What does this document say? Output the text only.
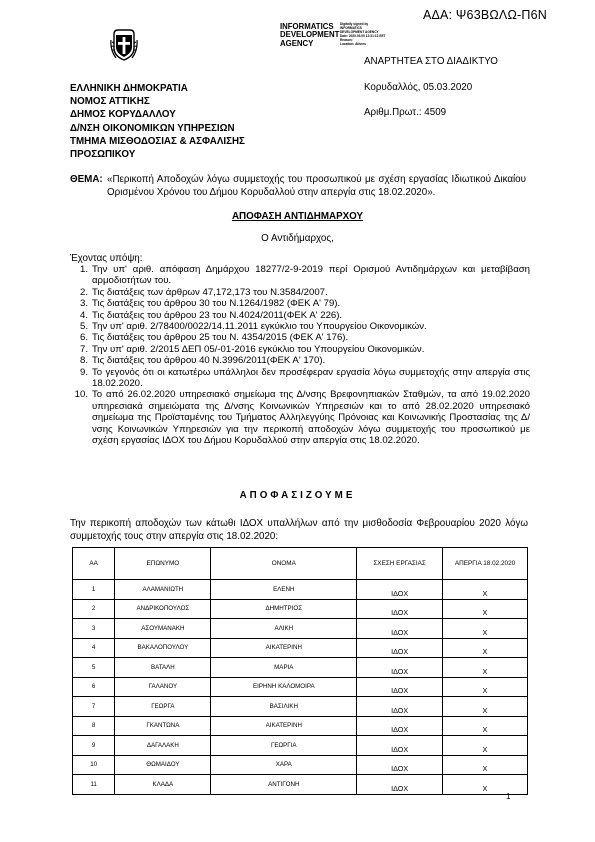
ΑΔΑ: Ψ63ΒΩΛΩ-Π6Ν
INFORMATICS
DEVELOPMENT
AGENCY
Digitally signed by
INFORMATICS
DEVELOPMENT AGENCY
Date: 2020.03.05 12:31:13 EET
Reason:
Location: Athens
ΑΝΑΡΤΗΤΕΑ ΣΤΟ ΔΙΑΔΙΚΤΥΟ
ΕΛΛΗΝΙΚΗ ΔΗΜΟΚΡΑΤΙΑ
ΝΟΜΟΣ ΑΤΤΙΚΗΣ
ΔΗΜΟΣ ΚΟΡΥΔΑΛΛΟΥ
Δ/ΝΣΗ ΟΙΚΟΝΟΜΙΚΩΝ ΥΠΗΡΕΣΙΩΝ
ΤΜΗΜΑ ΜΙΣΘΟΔΟΣΙΑΣ & ΑΣΦΑΛΙΣΗΣ
ΠΡΟΣΩΠΙΚΟΥ
Κορυδαλλός, 05.03.2020
Αριθμ.Πρωτ.: 4509
ΘΕΜΑ: «Περικοπή Αποδοχών λόγω συμμετοχής του προσωπικού με σχέση εργασίας Ιδιωτικού Δικαίου Ορισμένου Χρόνου του Δήμου Κορυδαλλού στην απεργία στις 18.02.2020».
ΑΠΟΦΑΣΗ ΑΝΤΙΔΗΜΑΡΧΟΥ
Ο Αντιδήμαρχος,
Έχοντας υπόψη:
1. Την υπ' αριθ. απόφαση Δημάρχου 18277/2-9-2019 περί Ορισμού Αντιδημάρχων και μεταβίβαση αρμοδιοτήτων του.
2. Τις διατάξεις των άρθρων 47,172,173 του Ν.3584/2007.
3. Τις διατάξεις του άρθρου 30 του Ν.1264/1982 (ΦΕΚ Α' 79).
4. Τις διατάξεις του άρθρου 23 του Ν.4024/2011(ΦΕΚ Α' 226).
5. Την υπ' αριθ. 2/78400/0022/14.11.2011 εγκύκλιο του Υπουργείου Οικονομικών.
6. Τις διατάξεις του άρθρου 25 του Ν. 4354/2015 (ΦΕΚ Α' 176).
7. Την υπ' αριθ. 2/2015 ΔΕΠ 05/-01-2016 εγκύκλιο του Υπουργείου Οικονομικών.
8. Τις διατάξεις του άρθρου 40 Ν.3996/2011(ΦΕΚ Α' 170).
9. Το γεγονός ότι οι κατωτέρω υπάλληλοι δεν προσέφεραν εργασία λόγω συμμετοχής στην απεργία στις 18.02.2020.
10. Το από 26.02.2020 υπηρεσιακό σημείωμα της Δ/νσης Βρεφονηπιακών Σταθμών, τα από 19.02.2020 υπηρεσιακά σημειώματα της Δ/νσης Κοινωνικών Υπηρεσιών και το από 28.02.2020 υπηρεσιακό σημείωμα της Προϊσταμένης του Τμήματος Αλληλεγγύης Πρόνοιας και Κοινωνικής Προστασίας της Δ/νσης Κοινωνικών Υπηρεσιών για την περικοπή αποδοχών λόγω συμμετοχής του προσωπικού με σχέση εργασίας ΙΔΟΧ του Δήμου Κορυδαλλού στην απεργία στις 18.02.2020.
ΑΠΟΦΑΣΙΖΟΥΜΕ
Την περικοπή αποδοχών των κάτωθι ΙΔΟΧ υπαλλήλων από την μισθοδοσία Φεβρουαρίου 2020 λόγω συμμετοχής τους στην απεργία στις 18.02.2020:
ΑΑ	ΕΠΩΝΥΜΟ	ΟΝΟΜΑ	ΣΧΕΣΗ ΕΡΓΑΣΙΑΣ	ΑΠΕΡΓΙΑ 18.02.2020
1	ΑΛΑΜΑΝΙΩΤΗ	ΕΛΕΝΗ	ΙΔΟΧ	Χ
2	ΑΝΔΡΙΚΟΠΟΥΛΟΣ	ΔΗΜΗΤΡΙΟΣ	ΙΔΟΧ	Χ
3	ΑΣΟΥΜΑΝΑΚΗ	ΑΛΙΚΗ	ΙΔΟΧ	Χ
4	ΒΑΚΑΛΟΠΟΥΛΟΥ	ΑΙΚΑΤΕΡΙΝΗ	ΙΔΟΧ	Χ
5	ΒΑΤΑΛΗ	ΜΑΡΙΑ	ΙΔΟΧ	Χ
6	ΓΑΛΑΝΟΥ	ΕΙΡΗΝΗ ΚΑΛΟΜΟΙΡΑ	ΙΔΟΧ	Χ
7	ΓΕΩΡΓΑ	ΒΑΣΙΛΙΚΗ	ΙΔΟΧ	Χ
8	ΓΚΑΝΤΩΝΑ	ΑΙΚΑΤΕΡΙΝΗ	ΙΔΟΧ	Χ
9	ΔΑΓΑΛΑΚΗ	ΓΕΩΡΓΙΑ	ΙΔΟΧ	Χ
10	ΘΩΜΑΙΔΟΥ	ΧΑΡΑ	ΙΔΟΧ	Χ
11	ΚΛΑΔΑ	ΑΝΤΙΓΟΝΗ	ΙΔΟΧ	Χ
1
